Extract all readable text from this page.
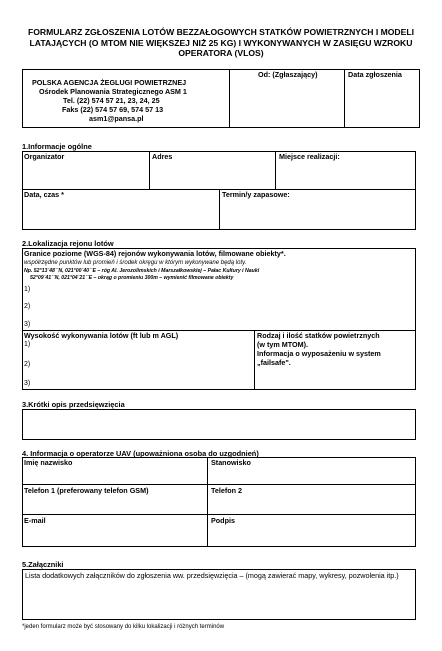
FORMULARZ ZGŁOSZENIA LOTÓW BEZZAŁOGOWYCH STATKÓW POWIETRZNYCH I MODELI LATAJĄCYCH (O MTOM NIE WIĘKSZEJ NIŻ 25 KG) I WYKONYWANYCH W ZASIĘGU WZROKU OPERATORA (VLOS)
POLSKA AGENCJA ŻEGLUGI POWIETRZNEJ
Ośrodek Planowania Strategicznego ASM 1
Tel. (22) 574 57 21, 23, 24, 25
Faks (22) 574 57 69, 574 57 13
asm1@pansa.pl
Od: (Zgłaszający)	Data zgłoszenia
1.Informacje ogólne
Organizator	Adres	Miejsce realizacji:
Data, czas *	Termin/y zapasowe:
2.Lokalizacja rejonu lotów
Granice poziome (WGS-84) rejonów wykonywania lotów, filmowane obiekty*.
współrzędne punktów lub promień i środek okręgu w którym wykonywane będą loty.
Np. 52°13´48´´N, 021°00´40´´E – róg Al. Jerozolimskich i Marszałkowskiej – Pałac Kultury i Nauki
52°09´41´´N, 021°04´21´´E – okrąg o promieniu 300m – wymienić filmowane obiekty
1)
2)
3)
Wysokość wykonywania lotów (ft lub m AGL)
1)
2)
3)
Rodzaj i ilość statków powietrznych
(w tym MTOM).
Informacja o wyposażeniu w system
„failsafe".
3.Krótki opis przedsięwzięcia
4. Informacja o operatorze UAV (upoważniona osoba do uzgodnień)
Imię nazwisko	Stanowisko
Telefon 1 (preferowany telefon GSM)	Telefon 2
E-mail	Podpis
5.Załączniki
Lista dodatkowych załączników do zgłoszenia ww. przedsięwzięcia – (mogą zawierać mapy, wykresy, pozwolenia itp.)
*jeden formularz może być stosowany do kilku lokalizacji i różnych terminów
